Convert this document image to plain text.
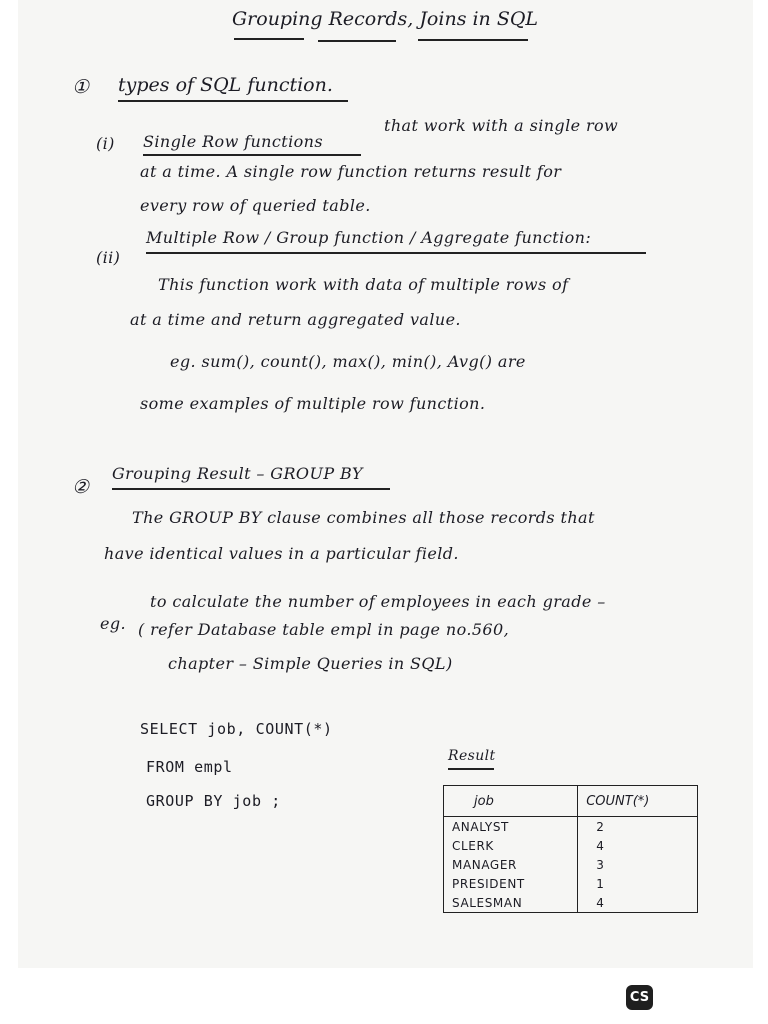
Grouping Records, Joins in SQL
① types of SQL function.
(i) Single Row functions
that work with a single row
at a time. A single row function returns result for
every row of queried table.
(ii)
Multiple Row / Group function / Aggregate function:
This function work with data of multiple rows of
at a time and return aggregated value.
eg. sum(), count(), max(), min(), Avg() are
some examples of multiple row function.
②
Grouping Result – GROUP BY
The GROUP BY clause combines all those records that
have identical values in a particular field.
eg.
to calculate the number of employees in each grade –
( refer Database table empl in page no.560,
chapter – Simple Queries in SQL)
SELECT job, COUNT(*)
FROM empl
GROUP BY job ;
Result
job	COUNT(*)
ANALYST	2
CLERK	4
MANAGER	3
PRESIDENT	1
SALESMAN	4
CS
